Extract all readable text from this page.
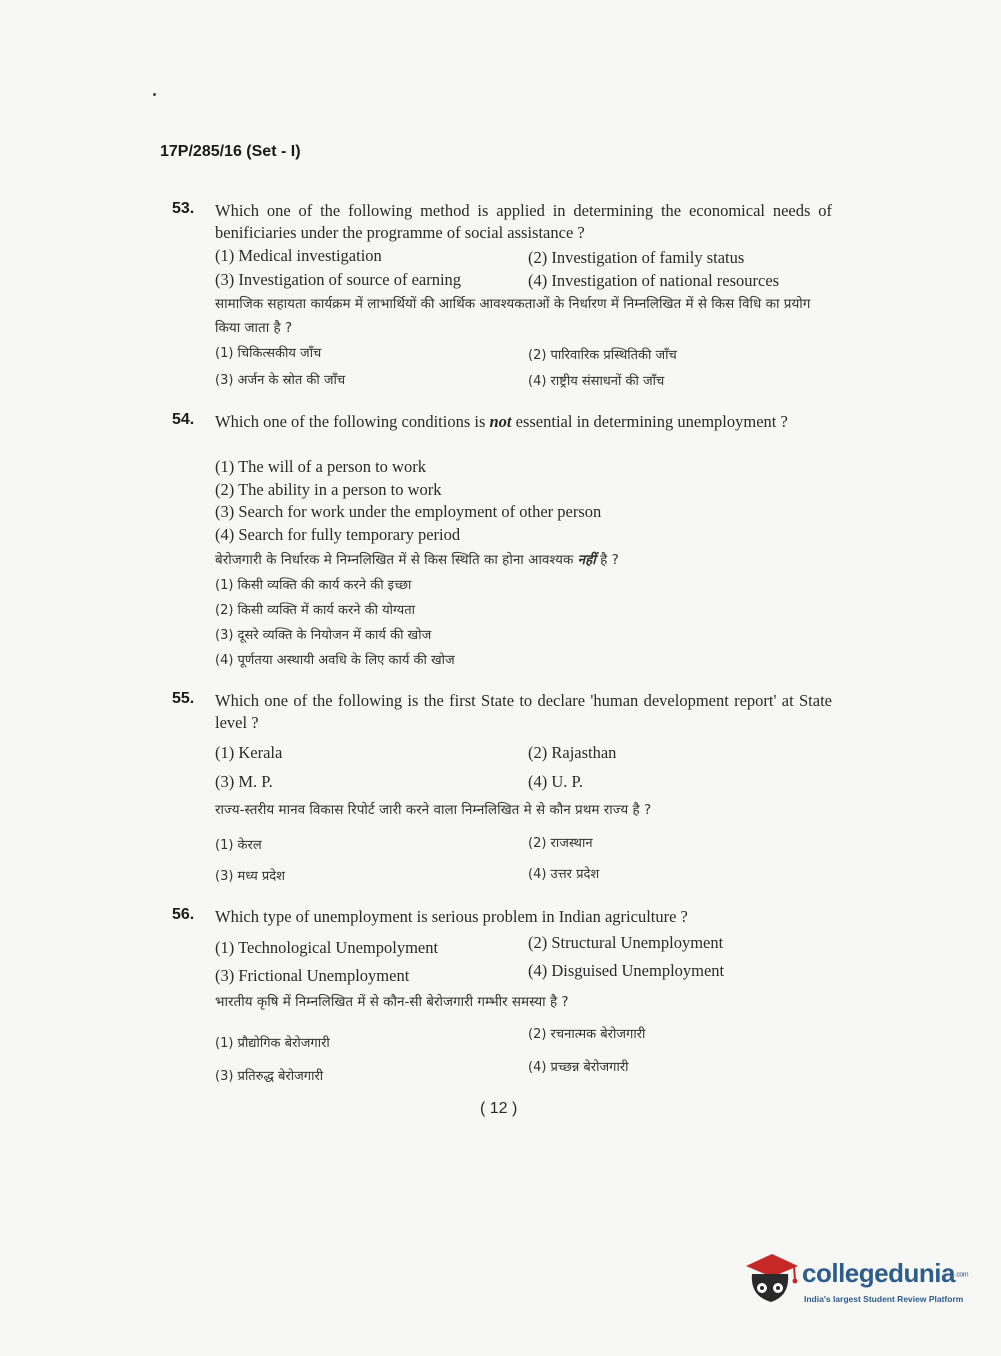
17P/285/16 (Set - I)
53. Which one of the following method is applied in determining the economical needs of benificiaries under the programme of social assistance ?
(1) Medical investigation	(2) Investigation of family status
(3) Investigation of source of earning	(4) Investigation of national resources
सामाजिक सहायता कार्यक्रम में लाभार्थियों की आर्थिक आवश्यकताओं के निर्धारण में निम्नलिखित में से किस विधि का प्रयोग किया जाता है ?
(1) चिकित्सकीय जाँच	(2) पारिवारिक प्रस्थितिकी जाँच
(3) अर्जन के स्रोत की जाँच	(4) राष्ट्रीय संसाधनों की जाँच
54. Which one of the following conditions is not essential in determining unemployment ?
(1) The will of a person to work
(2) The ability in a person to work
(3) Search for work under the employment of other person
(4) Search for fully temporary period
बेरोजगारी के निर्धारक मे निम्नलिखित में से किस स्थिति का होना आवश्यक नहीं है ?
(1) किसी व्यक्ति की कार्य करने की इच्छा
(2) किसी व्यक्ति में कार्य करने की योग्यता
(3) दूसरे व्यक्ति के नियोजन में कार्य की खोज
(4) पूर्णतया अस्थायी अवधि के लिए कार्य की खोज
55. Which one of the following is the first State to declare 'human development report' at State level ?
(1) Kerala	(2) Rajasthan
(3) M. P.	(4) U. P.
राज्य-स्तरीय मानव विकास रिपोर्ट जारी करने वाला निम्नलिखित मे से कौन प्रथम राज्य है ?
(1) केरल	(2) राजस्थान
(3) मध्य प्रदेश	(4) उत्तर प्रदेश
56. Which type of unemployment is serious problem in Indian agriculture ?
(1) Technological Unempolyment	(2) Structural Unemployment
(3) Frictional Unemployment	(4) Disguised Unemployment
भारतीय कृषि में निम्नलिखित में से कौन-सी बेरोजगारी गम्भीर समस्या है ?
(1) प्रौद्योगिक बेरोजगारी
(2) रचनात्मक बेरोजगारी
(3) प्रतिरुद्ध बेरोजगारी
(4) प्रच्छन्न बेरोजगारी
( 12 )
collegedunia.com
India's largest Student Review Platform
